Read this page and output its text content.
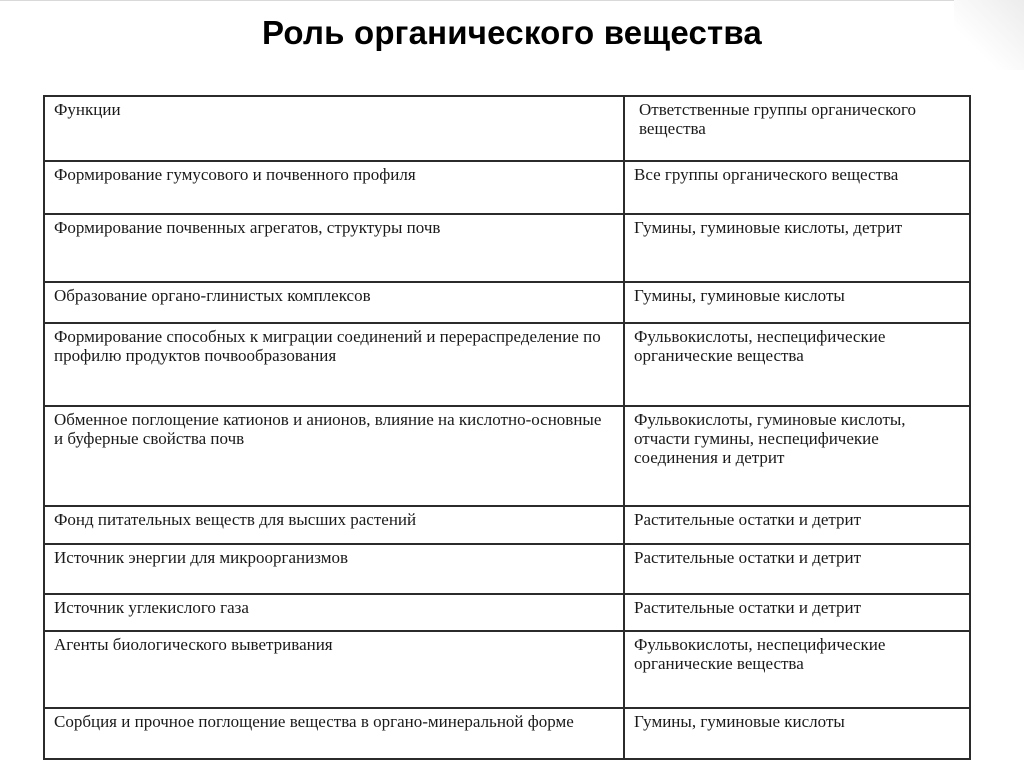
Роль органического вещества
Функции	Ответственные группы органического вещества
Формирование гумусового и почвенного профиля	Все группы органического вещества
Формирование почвенных агрегатов, структуры почв	Гумины, гуминовые кислоты, детрит
Образование органо-глинистых комплексов	Гумины, гуминовые кислоты
Формирование способных к миграции соединений и перераспределение по профилю продуктов почвообразования	Фульвокислоты, неспецифические органические вещества
Обменное поглощение катионов и анионов, влияние на кислотно-основные и буферные свойства почв	Фульвокислоты, гуминовые кислоты, отчасти гумины, неспецифичекие соединения и детрит
Фонд питательных веществ для высших растений	Растительные остатки и детрит
Источник энергии для микроорганизмов	Растительные остатки и детрит
Источник углекислого газа	Растительные остатки и детрит
Агенты биологического выветривания	Фульвокислоты, неспецифические органические вещества
Сорбция и прочное поглощение вещества в органо-минеральной форме	Гумины, гуминовые кислоты
